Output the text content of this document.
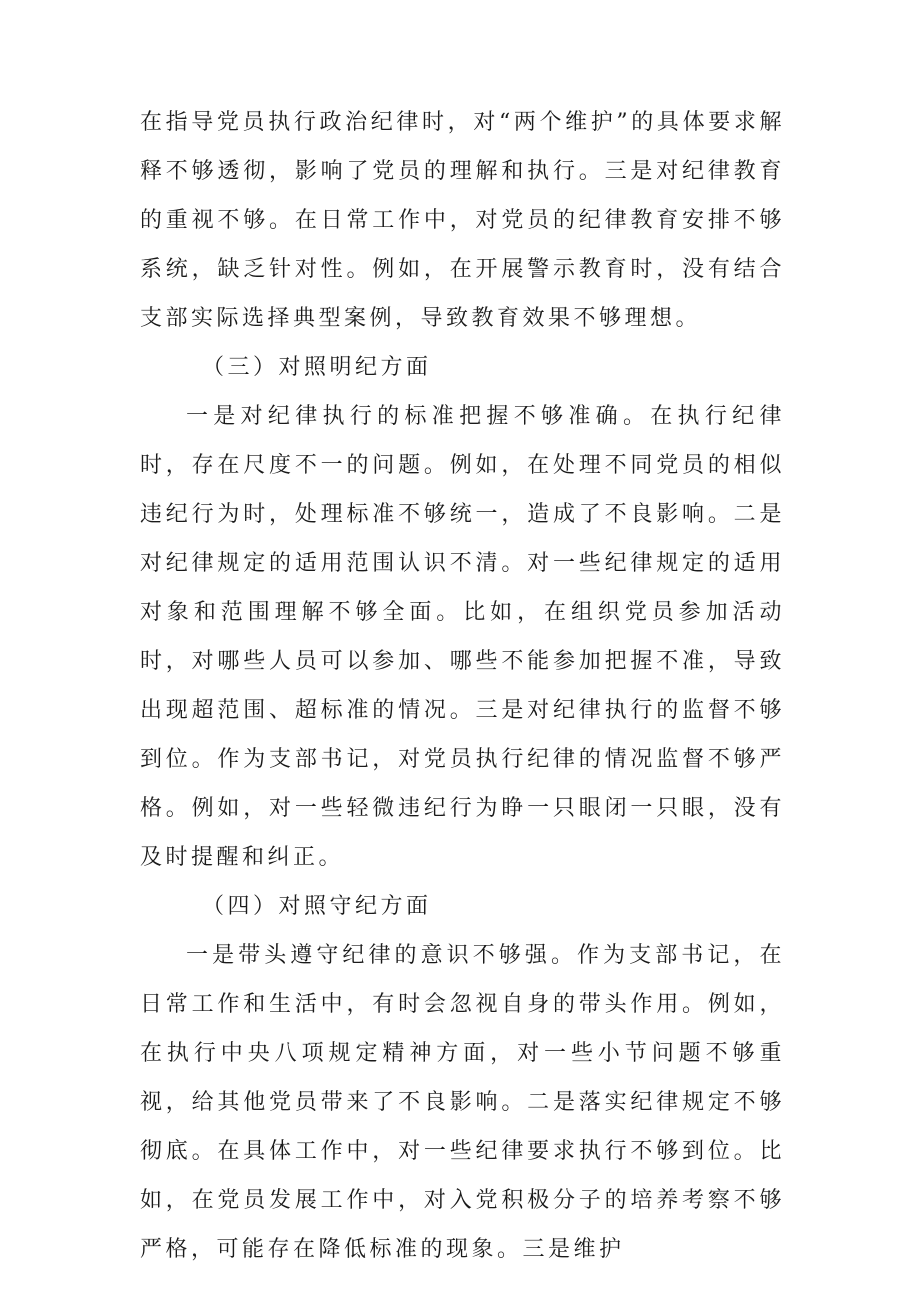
在指导党员执行政治纪律时，对“两个维护”的具体要求解释不够透彻，影响了党员的理解和执行。三是对纪律教育的重视不够。在日常工作中，对党员的纪律教育安排不够系统，缺乏针对性。例如，在开展警示教育时，没有结合支部实际选择典型案例，导致教育效果不够理想。

（三）对照明纪方面

一是对纪律执行的标准把握不够准确。在执行纪律时，存在尺度不一的问题。例如，在处理不同党员的相似违纪行为时，处理标准不够统一，造成了不良影响。二是对纪律规定的适用范围认识不清。对一些纪律规定的适用对象和范围理解不够全面。比如，在组织党员参加活动时，对哪些人员可以参加、哪些不能参加把握不准，导致出现超范围、超标准的情况。三是对纪律执行的监督不够到位。作为支部书记，对党员执行纪律的情况监督不够严格。例如，对一些轻微违纪行为睁一只眼闭一只眼，没有及时提醒和纠正。

（四）对照守纪方面

一是带头遵守纪律的意识不够强。作为支部书记，在日常工作和生活中，有时会忽视自身的带头作用。例如，在执行中央八项规定精神方面，对一些小节问题不够重视，给其他党员带来了不良影响。二是落实纪律规定不够彻底。在具体工作中，对一些纪律要求执行不够到位。比如，在党员发展工作中，对入党积极分子的培养考察不够严格，可能存在降低标准的现象。三是维护
